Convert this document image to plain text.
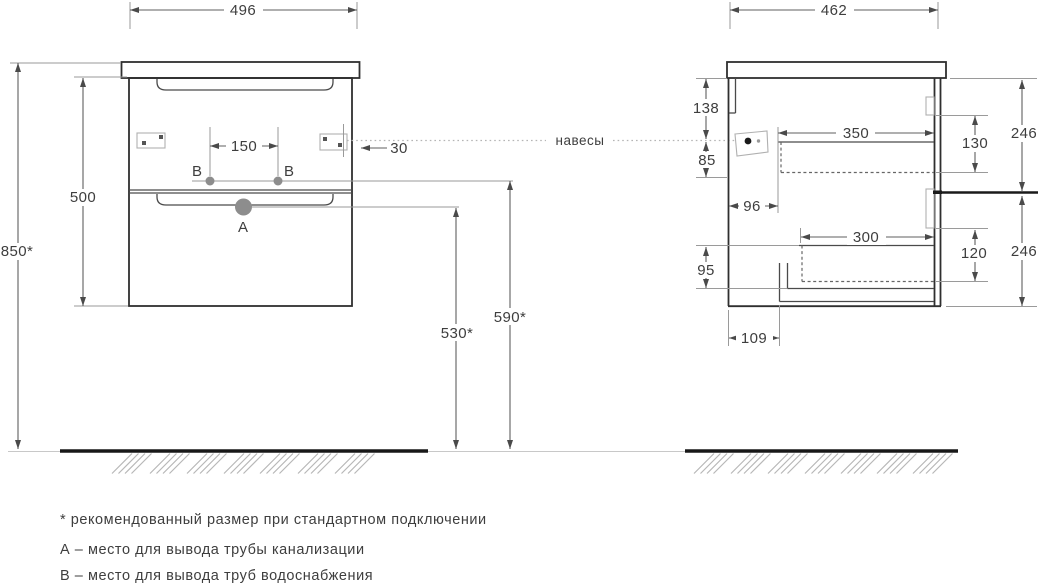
496
850*
500
150
В	В
А
30
530*
590*
навесы
462
138
85
96
350
130
246
300
120 246
95
109
* рекомендованный размер при стандартном подключении
А – место для вывода трубы канализации
В – место для вывода труб водоснабжения
